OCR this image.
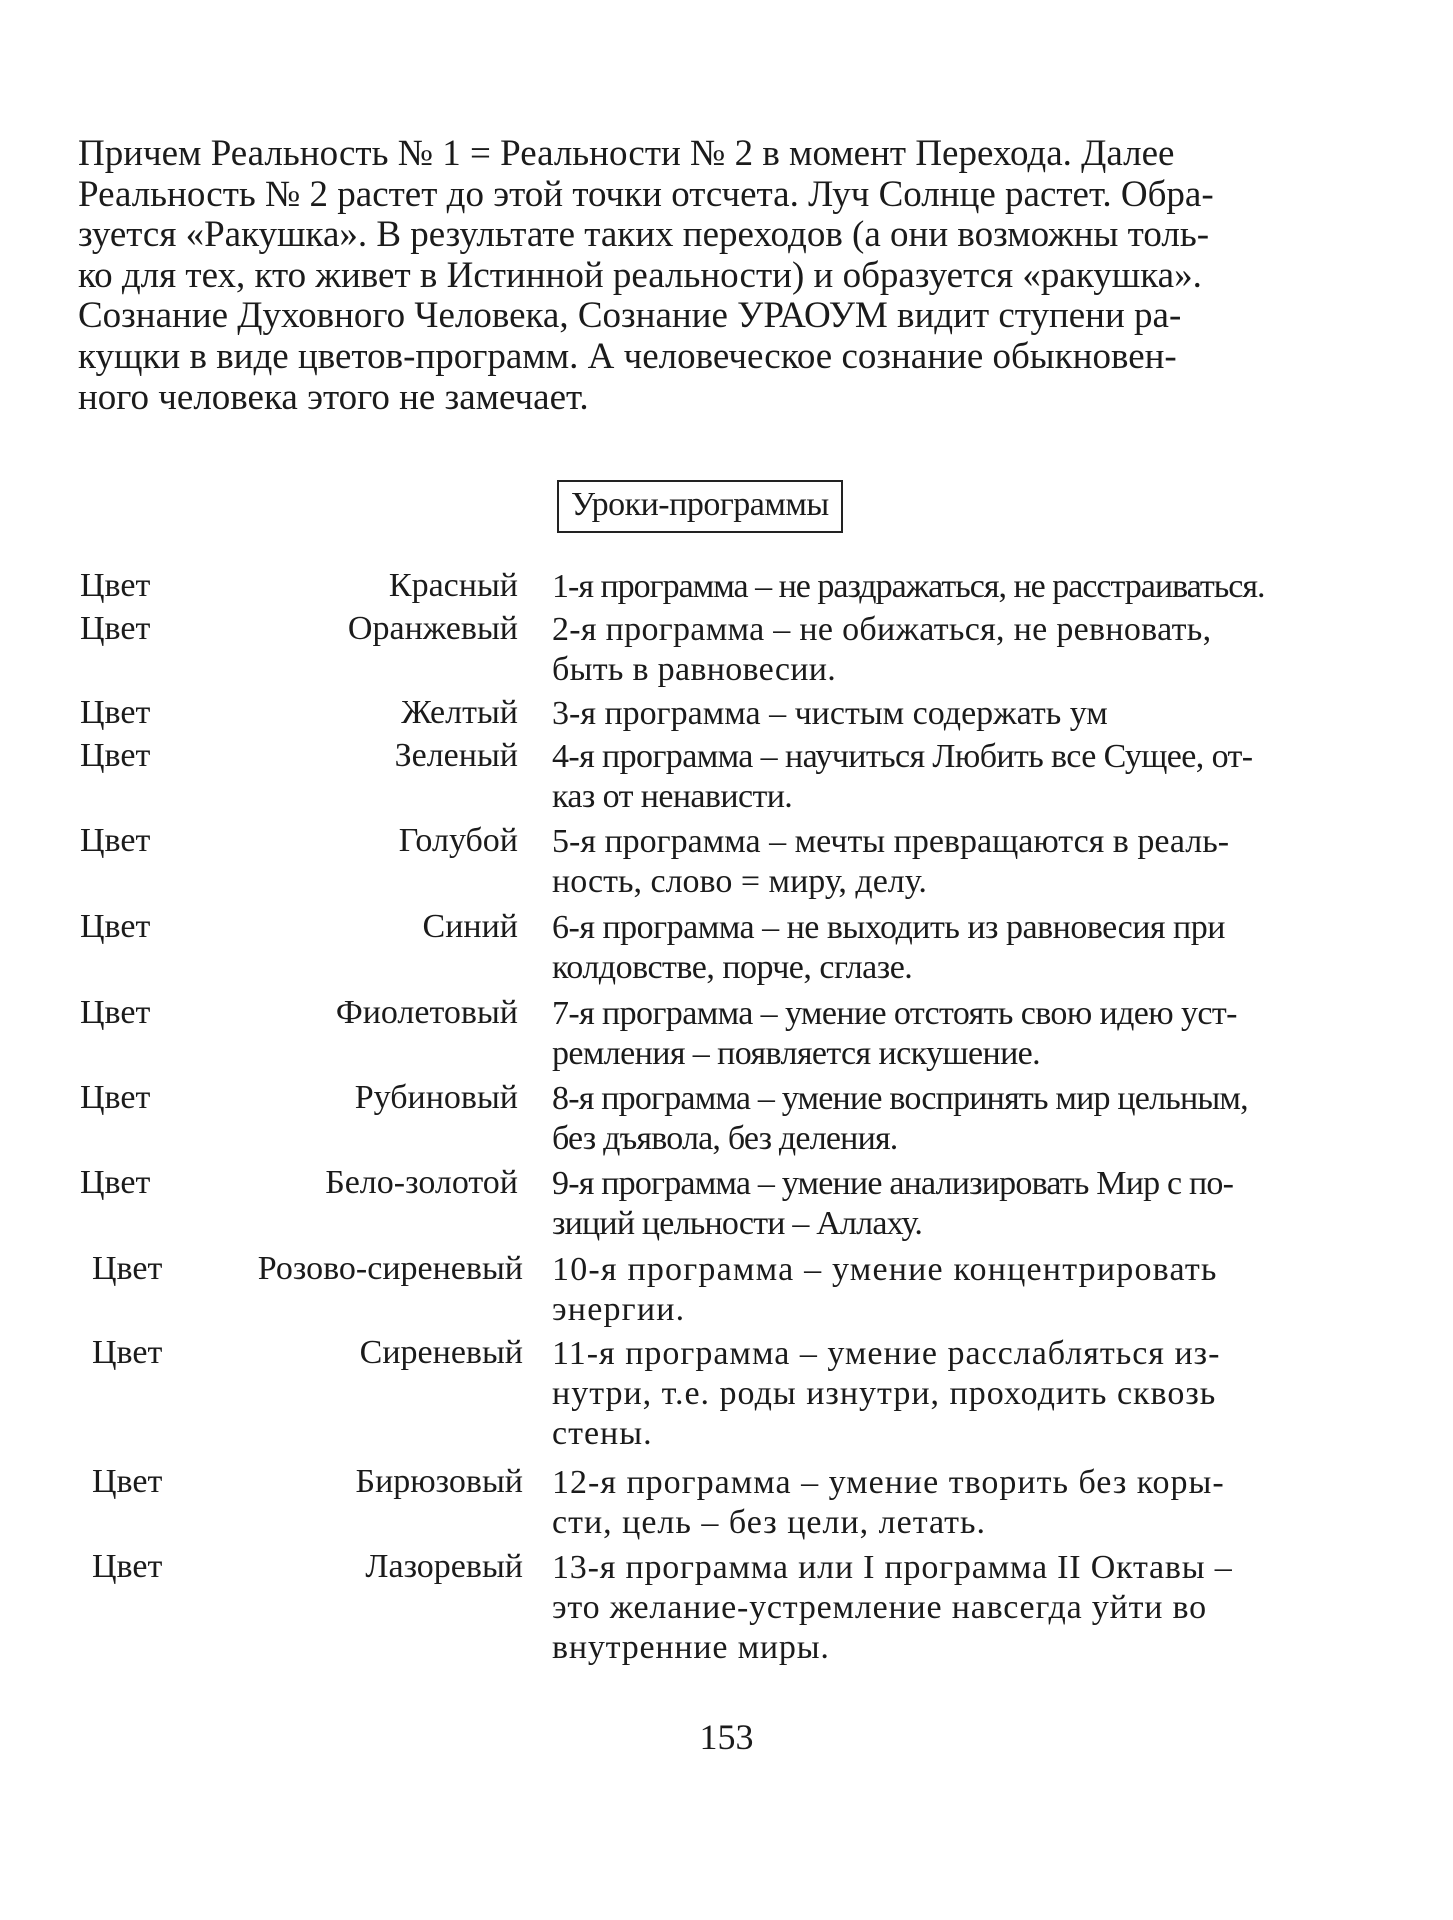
Причем Реальность № 1 = Реальности № 2 в момент Перехода. Далее
Реальность № 2 растет до этой точки отсчета. Луч Солнце растет. Обра-
зуется «Ракушка». В результате таких переходов (а они возможны толь-
ко для тех, кто живет в Истинной реальности) и образуется «ракушка».
Сознание Духовного Человека, Сознание УРАОУМ видит ступени ра-
кущки в виде цветов-программ. А человеческое сознание обыкновен-
ного человека этого не замечает.

Уроки-программы
Цвет	Красный 1-я программа – не раздражаться, не расстраиваться.
Цвет	Оранжевый 2-я программа – не обижаться, не ревновать,
быть в равновесии.
Цвет	Желтый 3-я программа – чистым содержать ум
Цвет	Зеленый 4-я программа – научиться Любить все Сущее, от-
каз от ненависти.
Цвет	Голубой 5-я программа – мечты превращаются в реаль-
ность, слово = миру, делу.
Цвет	Синий 6-я программа – не выходить из равновесия при
колдовстве, порче, сглазе.
Цвет	Фиолетовый 7-я программа – умение отстоять свою идею уст-
ремления – появляется искушение.
Цвет	Рубиновый 8-я программа – умение воспринять мир цельным,
без дъявола, без деления.
Цвет	Бело-золотой 9-я программа – умение анализировать Мир с по-
зиций цельности – Аллаху.
Цвет	Розово-сиреневый 10-я программа – умение концентрировать
энергии.
Цвет	Сиреневый 11-я программа – умение расслабляться из-
нутри, т.е. роды изнутри, проходить сквозь
стены.
Цвет	Бирюзовый 12-я программа – умение творить без коры-
сти, цель – без цели, летать.
Цвет	Лазоревый 13-я программа или I программа II Октавы –
это желание-устремление навсегда уйти во
внутренние миры.
153
